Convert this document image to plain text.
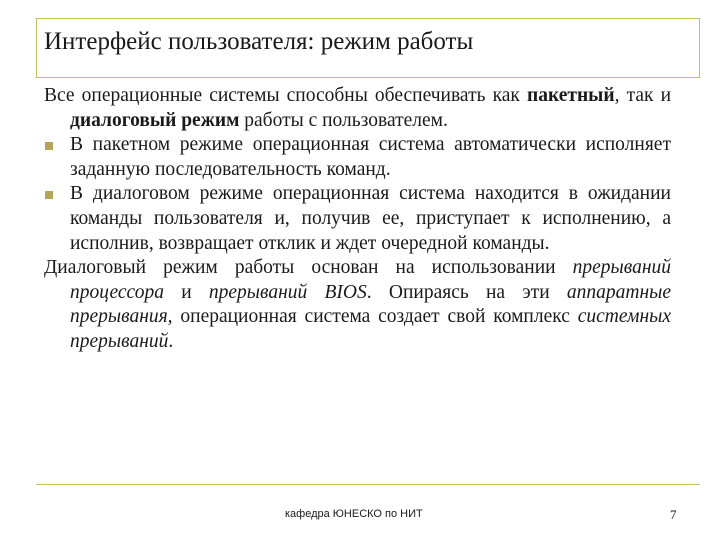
Интерфейс пользователя: режим работы

Все операционные системы способны обеспечивать как пакетный, так и диалоговый режим работы с пользователем.

В пакетном режиме операционная система автоматически исполняет заданную последовательность команд.

В диалоговом режиме операционная система находится в ожидании команды пользователя и, получив ее, приступает к исполнению, а исполнив, возвращает отклик и ждет очередной команды.

Диалоговый режим работы основан на использовании прерываний процессора и прерываний BIOS. Опираясь на эти аппаратные прерывания, операционная система создает свой комплекс системных прерываний.

кафедра ЮНЕСКО по НИТ	7
